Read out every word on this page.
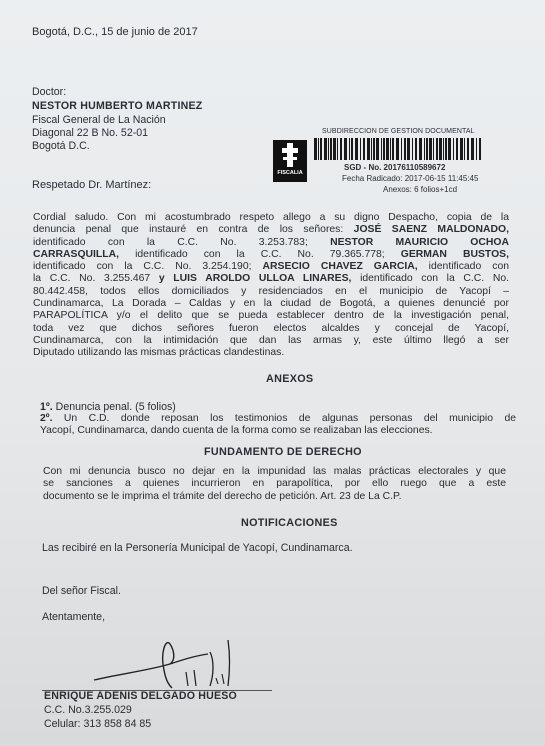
Bogotá, D.C., 15 de junio de 2017
Doctor:
NESTOR HUMBERTO MARTINEZ
Fiscal General de La Nación
Diagonal 22 B No. 52-01
Bogotá D.C.
SUBDIRECCION DE GESTION DOCUMENTAL
FISCALIA
SGD - No. 20176110589672
Fecha Radicado: 2017-06-15 11:45:45
Anexos: 6 folios+1cd
Respetado Dr. Martínez:
Cordial saludo. Con mi acostumbrado respeto allego a su digno Despacho, copia de la
denuncia penal que instauré en contra de los señores: JOSÉ SAENZ MALDONADO,
identificado con la C.C. No. 3.253.783; NESTOR MAURICIO OCHOA
CARRASQUILLA, identificado con la C.C. No. 79.365.778; GERMAN BUSTOS,
identificado con la C.C. No. 3.254.190; ARSECIO CHAVEZ GARCIA, identificado con
la C.C. No. 3.255.467 y LUIS AROLDO ULLOA LINARES, identificado con la C.C. No.
80.442.458, todos ellos domiciliados y residenciados en el municipio de Yacopí –
Cundinamarca, La Dorada – Caldas y en la ciudad de Bogotá, a quienes denuncié por
PARAPOLÍTICA y/o el delito que se pueda establecer dentro de la investigación penal,
toda vez que dichos señores fueron electos alcaldes y concejal de Yacopí,
Cundinamarca, con la intimidación que dan las armas y, este último llegó a ser
Diputado utilizando las mismas prácticas clandestinas.
ANEXOS
1º. Denuncia penal. (5 folios)
2º. Un C.D. donde reposan los testimonios de algunas personas del municipio de
Yacopí, Cundinamarca, dando cuenta de la forma como se realizaban las elecciones.
FUNDAMENTO DE DERECHO
Con mi denuncia busco no dejar en la impunidad las malas prácticas electorales y que
se sanciones a quienes incurrieron en parapolítica, por ello ruego que a este
documento se le imprima el trámite del derecho de petición. Art. 23 de La C.P.
NOTIFICACIONES
Las recibiré en la Personería Municipal de Yacopí, Cundinamarca.
Del señor Fiscal.
Atentamente,
ENRIQUE ADENIS DELGADO HUESO
C.C. No.3.255.029
Celular: 313 858 84 85
